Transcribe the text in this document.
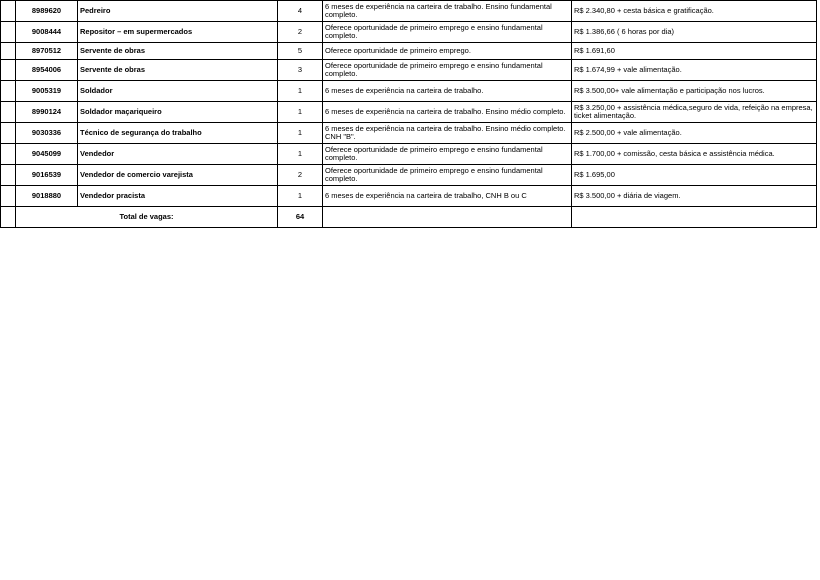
	8989620	Pedreiro	4	6 meses de experiência na carteira de trabalho. Ensino fundamental completo.	R$ 2.340,80 + cesta básica e gratificação.
	9008444	Repositor – em supermercados	2	Oferece oportunidade de primeiro emprego e ensino fundamental completo.	R$ 1.386,66 ( 6 horas por dia)
	8970512	Servente de obras	5	Oferece oportunidade de primeiro emprego.	R$ 1.691,60
	8954006	Servente de obras	3	Oferece oportunidade de primeiro emprego e ensino fundamental completo.	R$ 1.674,99 + vale alimentação.
	9005319	Soldador	1	6 meses de experiência na carteira de trabalho.	R$ 3.500,00+ vale alimentação e participação nos lucros.
	8990124	Soldador maçariqueiro	1	6 meses de experiência na carteira de trabalho. Ensino médio completo.	R$ 3.250,00 + assistência médica,seguro de vida, refeição na empresa, ticket alimentação.
	9030336	Técnico de segurança do trabalho	1	6 meses de experiência na carteira de trabalho. Ensino médio completo. CNH "B".	R$ 2.500,00 + vale alimentação.
	9045099	Vendedor	1	Oferece oportunidade de primeiro emprego e ensino fundamental completo.	R$ 1.700,00 + comissão, cesta básica e assistência médica.
	9016539	Vendedor de comercio varejista	2	Oferece oportunidade de primeiro emprego e ensino fundamental completo.	R$ 1.695,00
	9018880	Vendedor pracista	1	6 meses de experiência na carteira de trabalho, CNH B ou C	R$ 3.500,00 + diária de viagem.
	Total de vagas:		64		
